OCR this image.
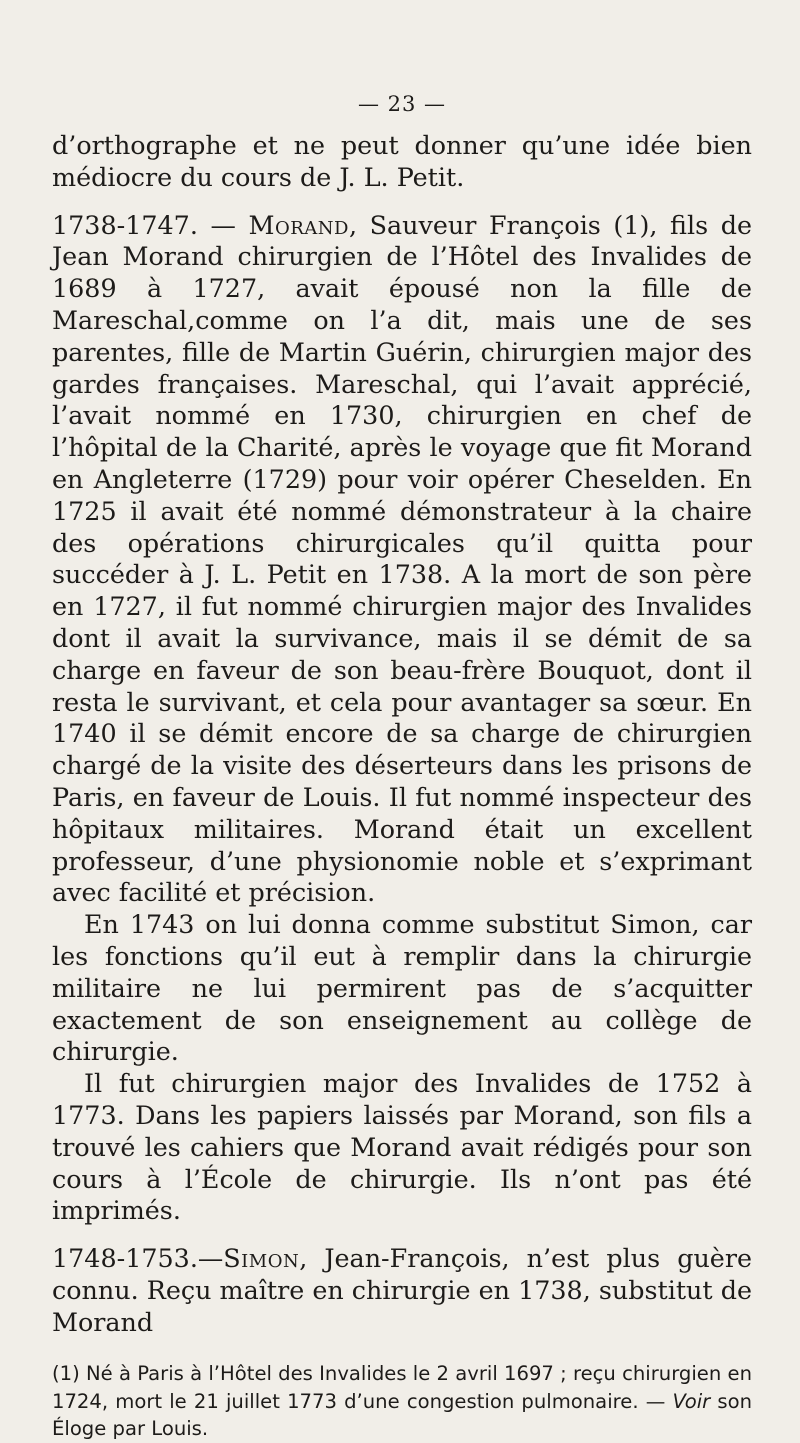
— 23 —

d’orthographe et ne peut donner qu’une idée bien médiocre du cours de J. L. Petit.

1738-1747. — Morand, Sauveur François (1), fils de Jean Morand chirurgien de l’Hôtel des Invalides de 1689 à 1727, avait épousé non la fille de Mareschal,comme on l’a dit, mais une de ses parentes, fille de Martin Guérin, chirurgien major des gardes françaises. Mareschal, qui l’avait apprécié, l’avait nommé en 1730, chirurgien en chef de l’hôpital de la Charité, après le voyage que fit Morand en Angleterre (1729) pour voir opérer Cheselden. En 1725 il avait été nommé démonstrateur à la chaire des opérations chirurgicales qu’il quitta pour succéder à J. L. Petit en 1738. A la mort de son père en 1727, il fut nommé chirurgien major des Invalides dont il avait la survivance, mais il se démit de sa charge en faveur de son beau-frère Bouquot, dont il resta le survivant, et cela pour avantager sa sœur. En 1740 il se démit encore de sa charge de chirurgien chargé de la visite des déserteurs dans les prisons de Paris, en faveur de Louis. Il fut nommé inspecteur des hôpitaux militaires. Morand était un excellent professeur, d’une physionomie noble et s’exprimant avec facilité et précision.

En 1743 on lui donna comme substitut Simon, car les fonctions qu’il eut à remplir dans la chirurgie militaire ne lui permirent pas de s’acquitter exactement de son enseignement au collège de chirurgie.

Il fut chirurgien major des Invalides de 1752 à 1773. Dans les papiers laissés par Morand, son fils a trouvé les cahiers que Morand avait rédigés pour son cours à l’École de chirurgie. Ils n’ont pas été imprimés.

1748-1753.—Simon, Jean-François, n’est plus guère connu. Reçu maître en chirurgie en 1738, substitut de Morand

(1) Né à Paris à l’Hôtel des Invalides le 2 avril 1697 ; reçu chirurgien en 1724, mort le 21 juillet 1773 d’une congestion pulmonaire. — Voir son Éloge par Louis.
